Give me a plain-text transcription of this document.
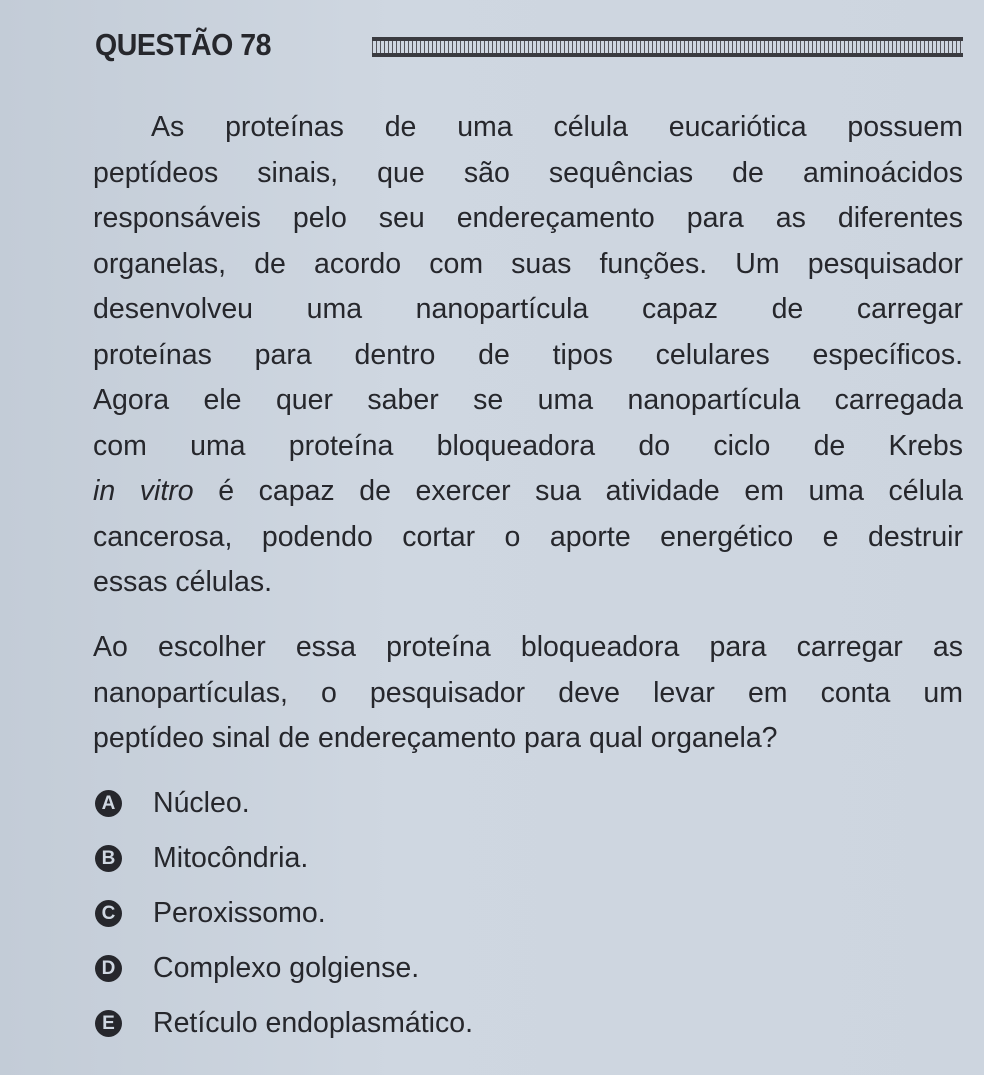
QUESTÃO 78
As proteínas de uma célula eucariótica possuem
peptídeos sinais, que são sequências de aminoácidos
responsáveis pelo seu endereçamento para as diferentes
organelas, de acordo com suas funções. Um pesquisador
desenvolveu uma nanopartícula capaz de carregar
proteínas para dentro de tipos celulares específicos.
Agora ele quer saber se uma nanopartícula carregada
com uma proteína bloqueadora do ciclo de Krebs
in vitro é capaz de exercer sua atividade em uma célula
cancerosa, podendo cortar o aporte energético e destruir
essas células.
Ao escolher essa proteína bloqueadora para carregar as
nanopartículas, o pesquisador deve levar em conta um
peptídeo sinal de endereçamento para qual organela?
A Núcleo.
B Mitocôndria.
C Peroxissomo.
D Complexo golgiense.
E Retículo endoplasmático.
